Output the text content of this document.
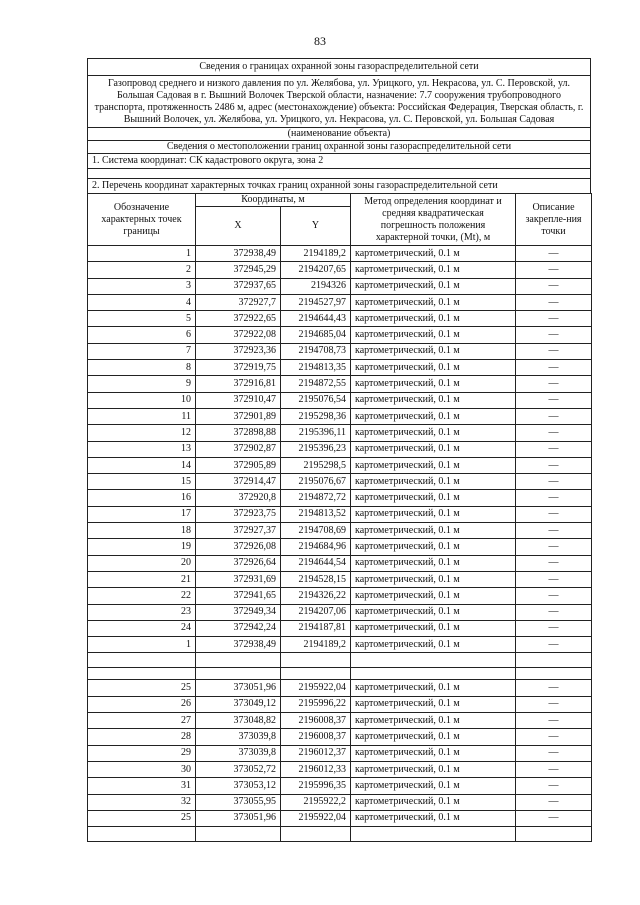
83
Сведения о границах охранной зоны газораспределительной сети
Газопровод среднего и низкого давления по ул. Желябова, ул. Урицкого, ул. Некрасова, ул. С. Перовской, ул. Большая Садовая в г. Вышний Волочек Тверской области, назначение: 7.7 сооружения трубопроводного транспорта, протяженность 2486 м, адрес (местонахождение) объекта: Российская Федерация, Тверская область, г. Вышний Волочек, ул. Желябова, ул. Урицкого, ул. Некрасова, ул. С. Перовской, ул. Большая Садовая
(наименование объекта)
Сведения о местоположении границ охранной зоны газораспределительной сети
1. Система координат: СК кадастрового округа, зона 2

2. Перечень координат характерных точках границ охранной зоны газораспределительной сети
Обозначение характерных точек границы	Координаты, м		Метод определения координат и средняя квадратическая погрешность положения характерной точки, (Mt), м	Описание закрепле-ния точки
	X	Y		
1	372938,49	2194189,2	картометрический, 0.1 м	—
2	372945,29	2194207,65	картометрический, 0.1 м	—
3	372937,65	2194326	картометрический, 0.1 м	—
4	372927,7	2194527,97	картометрический, 0.1 м	—
5	372922,65	2194644,43	картометрический, 0.1 м	—
6	372922,08	2194685,04	картометрический, 0.1 м	—
7	372923,36	2194708,73	картометрический, 0.1 м	—
8	372919,75	2194813,35	картометрический, 0.1 м	—
9	372916,81	2194872,55	картометрический, 0.1 м	—
10	372910,47	2195076,54	картометрический, 0.1 м	—
11	372901,89	2195298,36	картометрический, 0.1 м	—
12	372898,88	2195396,11	картометрический, 0.1 м	—
13	372902,87	2195396,23	картометрический, 0.1 м	—
14	372905,89	2195298,5	картометрический, 0.1 м	—
15	372914,47	2195076,67	картометрический, 0.1 м	—
16	372920,8	2194872,72	картометрический, 0.1 м	—
17	372923,75	2194813,52	картометрический, 0.1 м	—
18	372927,37	2194708,69	картометрический, 0.1 м	—
19	372926,08	2194684,96	картометрический, 0.1 м	—
20	372926,64	2194644,54	картометрический, 0.1 м	—
21	372931,69	2194528,15	картометрический, 0.1 м	—
22	372941,65	2194326,22	картометрический, 0.1 м	—
23	372949,34	2194207,06	картометрический, 0.1 м	—
24	372942,24	2194187,81	картометрический, 0.1 м	—
1	372938,49	2194189,2	картометрический, 0.1 м	—

25	373051,96	2195922,04	картометрический, 0.1 м	—
26	373049,12	2195996,22	картометрический, 0.1 м	—
27	373048,82	2196008,37	картометрический, 0.1 м	—
28	373039,8	2196008,37	картометрический, 0.1 м	—
29	373039,8	2196012,37	картометрический, 0.1 м	—
30	373052,72	2196012,33	картометрический, 0.1 м	—
31	373053,12	2195996,35	картометрический, 0.1 м	—
32	373055,95	2195922,2	картометрический, 0.1 м	—
25	373051,96	2195922,04	картометрический, 0.1 м	—
